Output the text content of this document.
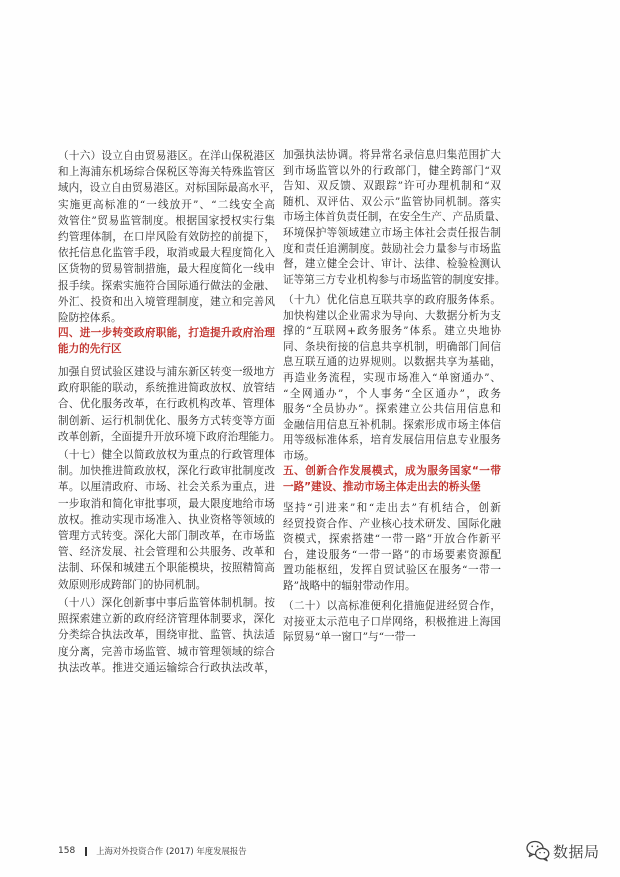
（十六）设立自由贸易港区。在洋山保税港区
和上海浦东机场综合保税区等海关特殊监管区
域内，设立自由贸易港区。对标国际最高水平，
实施更高标准的“一线放开”、“二线安全高
效管住”贸易监管制度。根据国家授权实行集
约管理体制，在口岸风险有效防控的前提下，
依托信息化监管手段，取消或最大程度简化入
区货物的贸易管制措施，最大程度简化一线申
报手续。探索实施符合国际通行做法的金融、
外汇、投资和出入境管理制度，建立和完善风
险防控体系。
四、进一步转变政府职能，打造提升政府治理
能力的先行区
加强自贸试验区建设与浦东新区转变一级地方
政府职能的联动，系统推进简政放权、放管结
合、优化服务改革，在行政机构改革、管理体
制创新、运行机制优化、服务方式转变等方面
改革创新，全面提升开放环境下政府治理能力。
（十七）健全以简政放权为重点的行政管理体
制。加快推进简政放权，深化行政审批制度改
革。以厘清政府、市场、社会关系为重点，进
一步取消和简化审批事项，最大限度地给市场
放权。推动实现市场准入、执业资格等领域的
管理方式转变。深化大部门制改革，在市场监
管、经济发展、社会管理和公共服务、改革和
法制、环保和城建五个职能模块，按照精简高
效原则形成跨部门的协同机制。
（十八）深化创新事中事后监管体制机制。按
照探索建立新的政府经济管理体制要求，深化
分类综合执法改革，围绕审批、监管、执法适
度分离，完善市场监管、城市管理领域的综合
执法改革。推进交通运输综合行政执法改革，
加强执法协调。将异常名录信息归集范围扩大
到市场监管以外的行政部门，健全跨部门“双
告知、双反馈、双跟踪”许可办理机制和“双
随机、双评估、双公示”监管协同机制。落实
市场主体首负责任制，在安全生产、产品质量、
环境保护等领域建立市场主体社会责任报告制
度和责任追溯制度。鼓励社会力量参与市场监
督，建立健全会计、审计、法律、检验检测认
证等第三方专业机构参与市场监管的制度安排。
（十九）优化信息互联共享的政府服务体系。
加快构建以企业需求为导向、大数据分析为支
撑的“互联网+政务服务”体系。建立央地协
同、条块衔接的信息共享机制，明确部门间信
息互联互通的边界规则。以数据共享为基础，
再造业务流程，实现市场准入“单窗通办”、
“全网通办”，个人事务“全区通办”，政务
服务“全员协办”。探索建立公共信用信息和
金融信用信息互补机制。探索形成市场主体信
用等级标准体系，培育发展信用信息专业服务
市场。
五、创新合作发展模式，成为服务国家“一带
一路”建设、推动市场主体走出去的桥头堡
坚持“引进来”和“走出去”有机结合，创新
经贸投资合作、产业核心技术研发、国际化融
资模式，探索搭建“一带一路”开放合作新平
台，建设服务“一带一路”的市场要素资源配
置功能枢纽，发挥自贸试验区在服务“一带一
路”战略中的辐射带动作用。
（二十）以高标准便利化措施促进经贸合作，
对接亚太示范电子口岸网络，积极推进上海国
际贸易“单一窗口”与“一带一
158	上海对外投资合作 (2017) 年度发展报告	数据局
